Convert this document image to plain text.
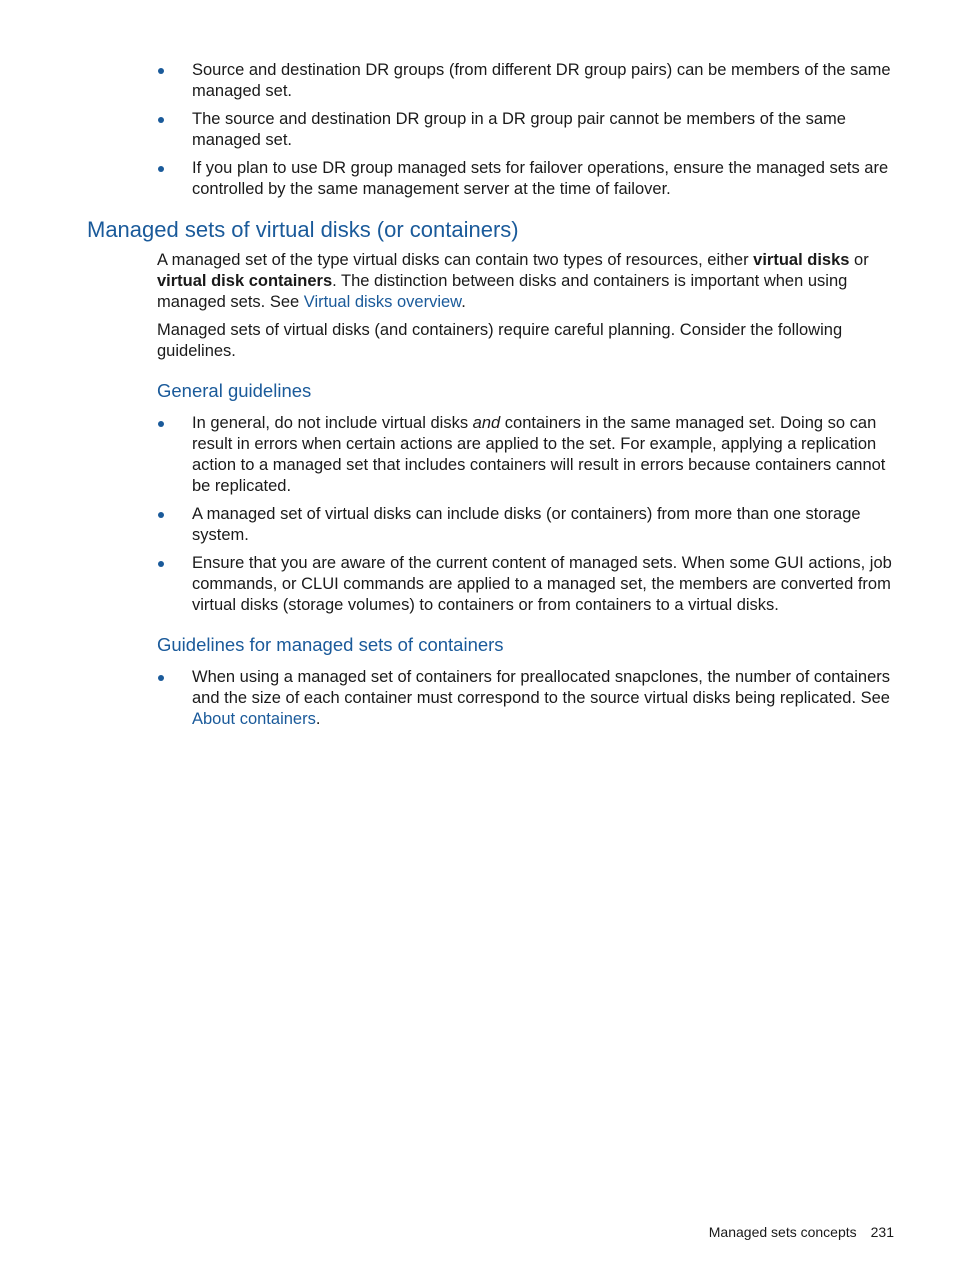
Source and destination DR groups (from different DR group pairs) can be members of the same managed set.
The source and destination DR group in a DR group pair cannot be members of the same managed set.
If you plan to use DR group managed sets for failover operations, ensure the managed sets are controlled by the same management server at the time of failover.
Managed sets of virtual disks (or containers)

A managed set of the type virtual disks can contain two types of resources, either virtual disks or virtual disk containers. The distinction between disks and containers is important when using managed sets. See Virtual disks overview.

Managed sets of virtual disks (and containers) require careful planning. Consider the following guidelines.

General guidelines
In general, do not include virtual disks and containers in the same managed set. Doing so can result in errors when certain actions are applied to the set. For example, applying a replication action to a managed set that includes containers will result in errors because containers cannot be replicated.
A managed set of virtual disks can include disks (or containers) from more than one storage system.
Ensure that you are aware of the current content of managed sets. When some GUI actions, job commands, or CLUI commands are applied to a managed set, the members are converted from virtual disks (storage volumes) to containers or from containers to a virtual disks.
Guidelines for managed sets of containers
When using a managed set of containers for preallocated snapclones, the number of containers and the size of each container must correspond to the source virtual disks being replicated. See About containers.
Managed sets concepts 231
